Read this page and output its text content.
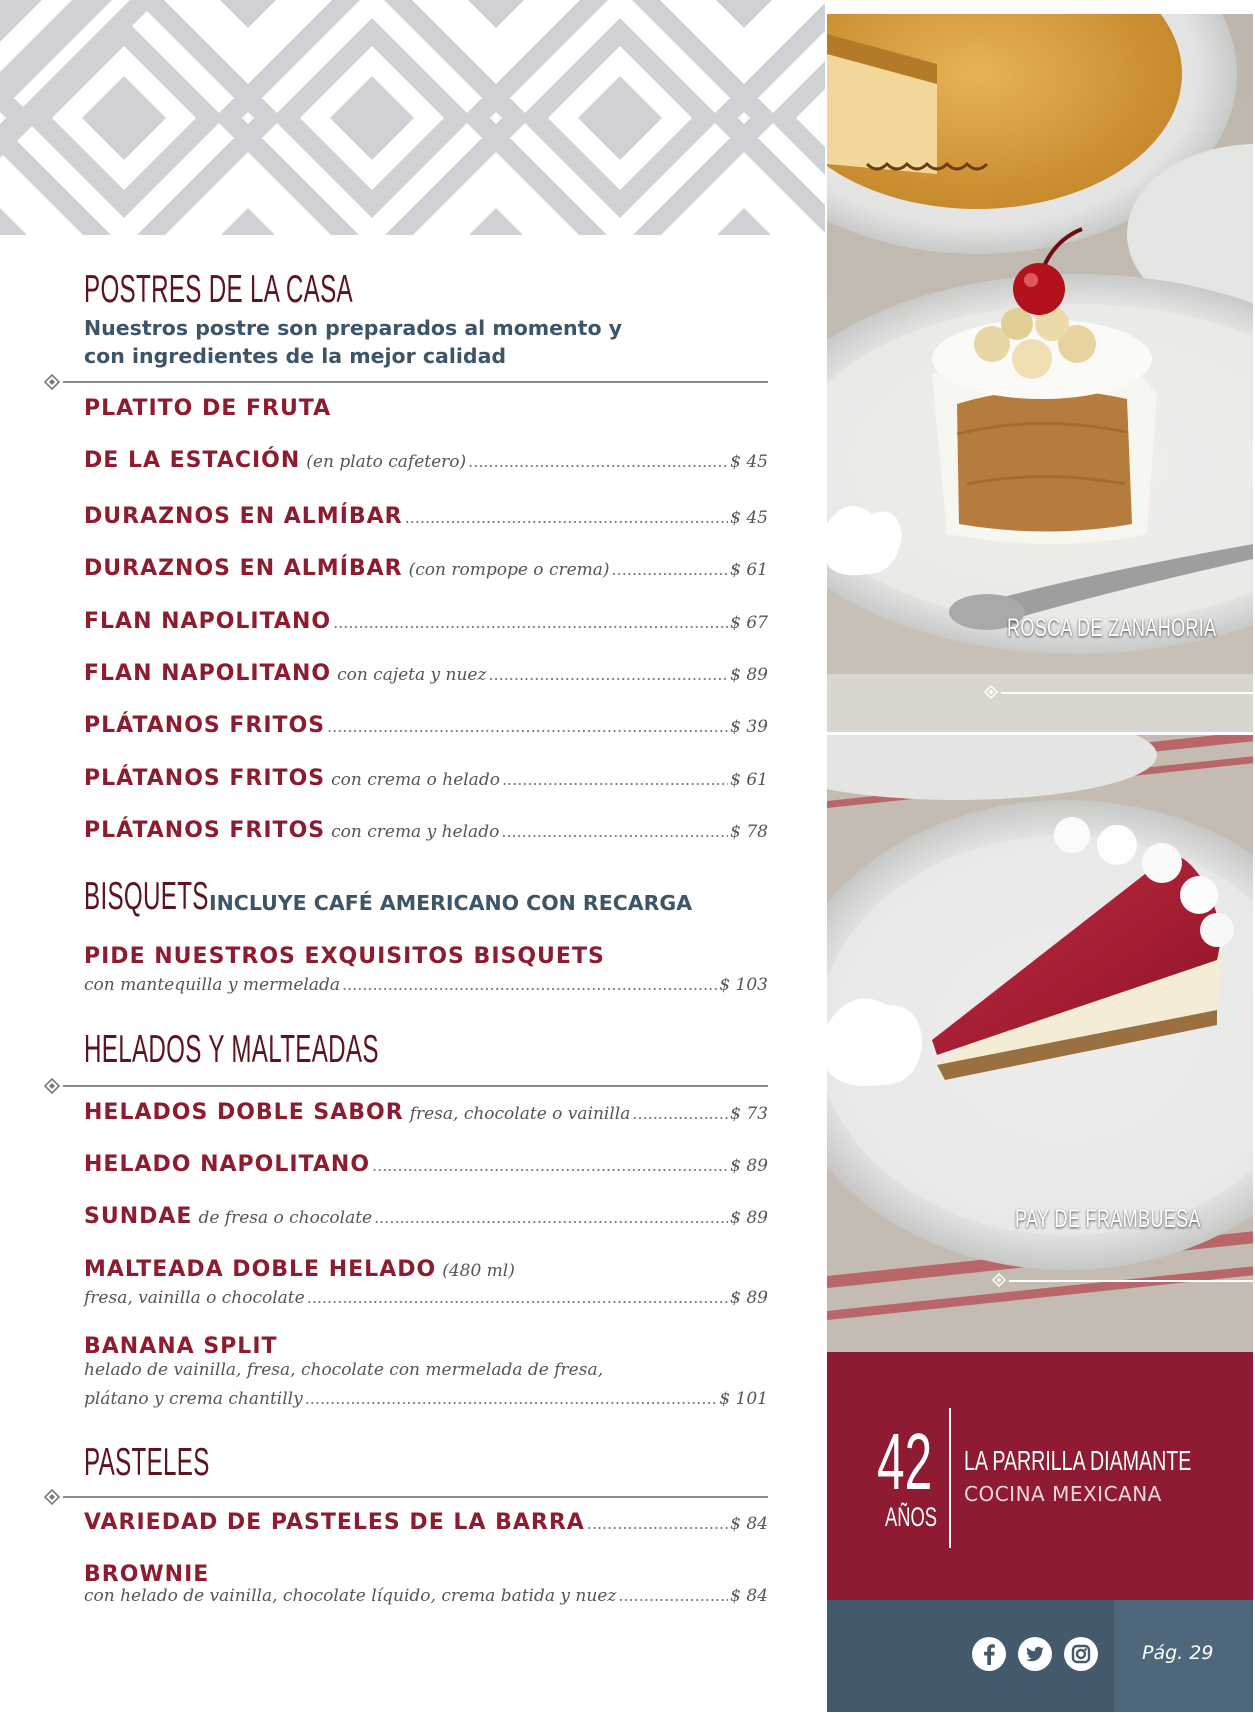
POSTRES DE LA CASA
Nuestros postre son preparados al momento y
con ingredientes de la mejor calidad
PLATITO DE FRUTA
DE LA ESTACIÓN (en plato cafetero) .....	$ 45
DURAZNOS EN ALMÍBAR .....	$ 45
DURAZNOS EN ALMÍBAR (con rompope o crema) .....	$ 61
FLAN NAPOLITANO .....	$ 67
FLAN NAPOLITANO con cajeta y nuez .....	$ 89
PLÁTANOS FRITOS .....	$ 39
PLÁTANOS FRITOS con crema o helado .....	$ 61
PLÁTANOS FRITOS con crema y helado .....	$ 78
BISQUETS INCLUYE CAFÉ AMERICANO CON RECARGA
PIDE NUESTROS EXQUISITOS BISQUETS
con mantequilla y mermelada .....	$ 103
HELADOS Y MALTEADAS
HELADOS DOBLE SABOR fresa, chocolate o vainilla .....	$ 73
HELADO NAPOLITANO .....	$ 89
SUNDAE de fresa o chocolate .....	$ 89
MALTEADA DOBLE HELADO (480 ml)
fresa, vainilla o chocolate .....	$ 89
BANANA SPLIT
helado de vainilla, fresa, chocolate con mermelada de fresa,
plátano y crema chantilly .....	$ 101
PASTELES
VARIEDAD DE PASTELES DE LA BARRA .....	$ 84
BROWNIE
con helado de vainilla, chocolate líquido, crema batida y nuez .....	$ 84
ROSCA DE ZANAHORIA
PAY DE FRAMBUESA
42
AÑOS
LA PARRILLA DIAMANTE
COCINA MEXICANA
Pág. 29
